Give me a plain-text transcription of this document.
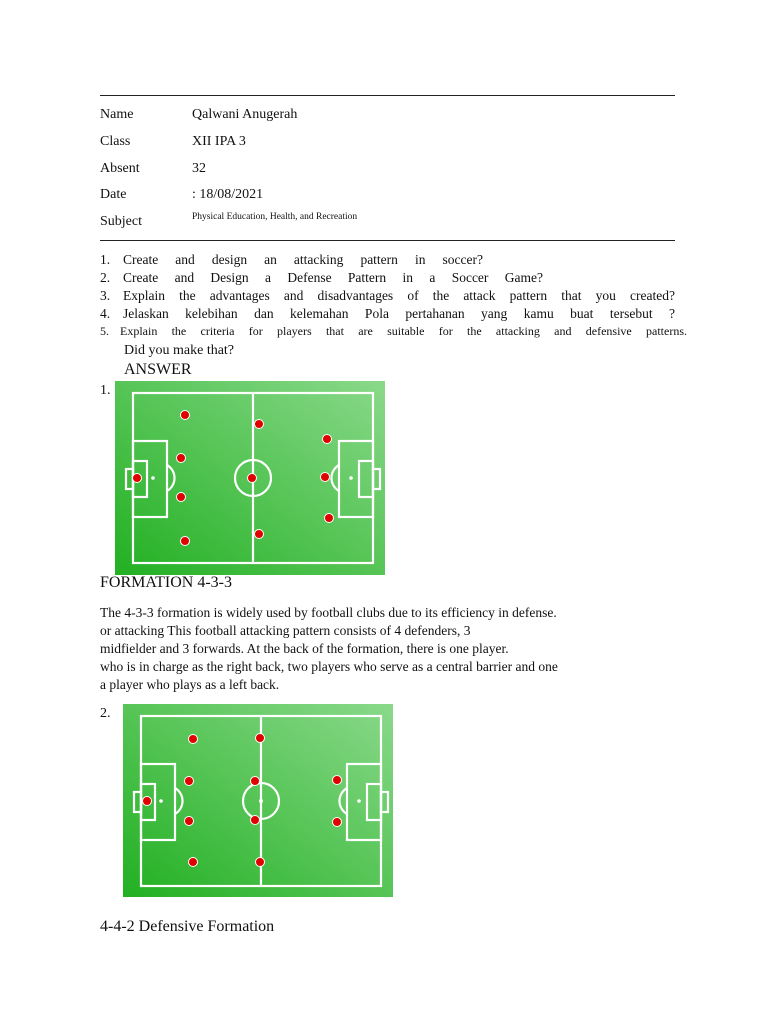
Name	Qalwani Anugerah
Class	XII IPA 3
Absent	32
Date	: 18/08/2021
Subject	Physical Education, Health, and Recreation
1. Create and design an attacking pattern in soccer?
2. Create and Design a Defense Pattern in a Soccer Game?
3. Explain the advantages and disadvantages of the attack pattern that you created?
4. Jelaskan kelebihan dan kelemahan Pola pertahanan yang kamu buat tersebut ?
5. Explain the criteria for players that are suitable for the attacking and defensive patterns.
Did you make that?
ANSWER
1.
FORMATION 4-3-3
The 4-3-3 formation is widely used by football clubs due to its efficiency in defense.
or attacking This football attacking pattern consists of 4 defenders, 3
midfielder and 3 forwards. At the back of the formation, there is one player.
who is in charge as the right back, two players who serve as a central barrier and one
a player who plays as a left back.
2.
4-4-2 Defensive Formation
